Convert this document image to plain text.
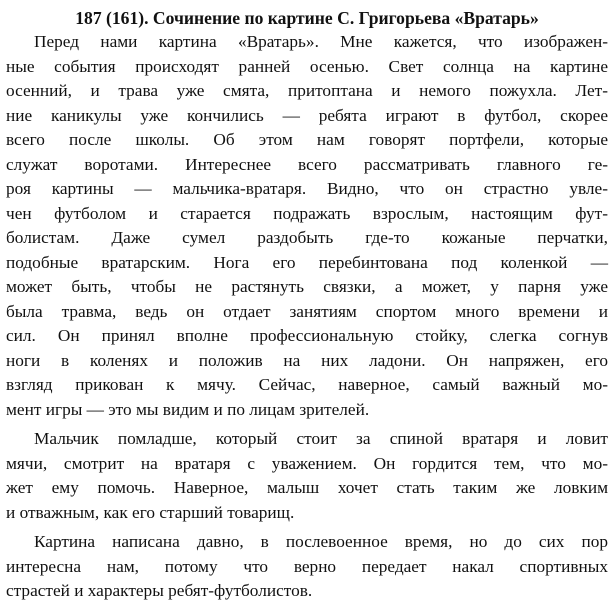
187 (161). Сочинение по картине С. Григорьева «Вратарь»

Перед нами картина «Вратарь». Мне кажется, что изображен-
ные события происходят ранней осенью. Свет солнца на картине
осенний, и трава уже смята, притоптана и немого пожухла. Лет-
ние каникулы уже кончились — ребята играют в футбол, скорее
всего после школы. Об этом нам говорят портфели, которые
служат воротами. Интереснее всего рассматривать главного ге-
роя картины — мальчика-вратаря. Видно, что он страстно увле-
чен футболом и старается подражать взрослым, настоящим фут-
болистам. Даже сумел раздобыть где-то кожаные перчатки,
подобные вратарским. Нога его перебинтована под коленкой —
может быть, чтобы не растянуть связки, а может, у парня уже
была травма, ведь он отдает занятиям спортом много времени и
сил. Он принял вполне профессиональную стойку, слегка согнув
ноги в коленях и положив на них ладони. Он напряжен, его
взгляд прикован к мячу. Сейчас, наверное, самый важный мо-
мент игры — это мы видим и по лицам зрителей.

Мальчик помладше, который стоит за спиной вратаря и ловит
мячи, смотрит на вратаря с уважением. Он гордится тем, что мо-
жет ему помочь. Наверное, малыш хочет стать таким же ловким
и отважным, как его старший товарищ.

Картина написана давно, в послевоенное время, но до сих пор
интересна нам, потому что верно передает накал спортивных
страстей и характеры ребят-футболистов.
